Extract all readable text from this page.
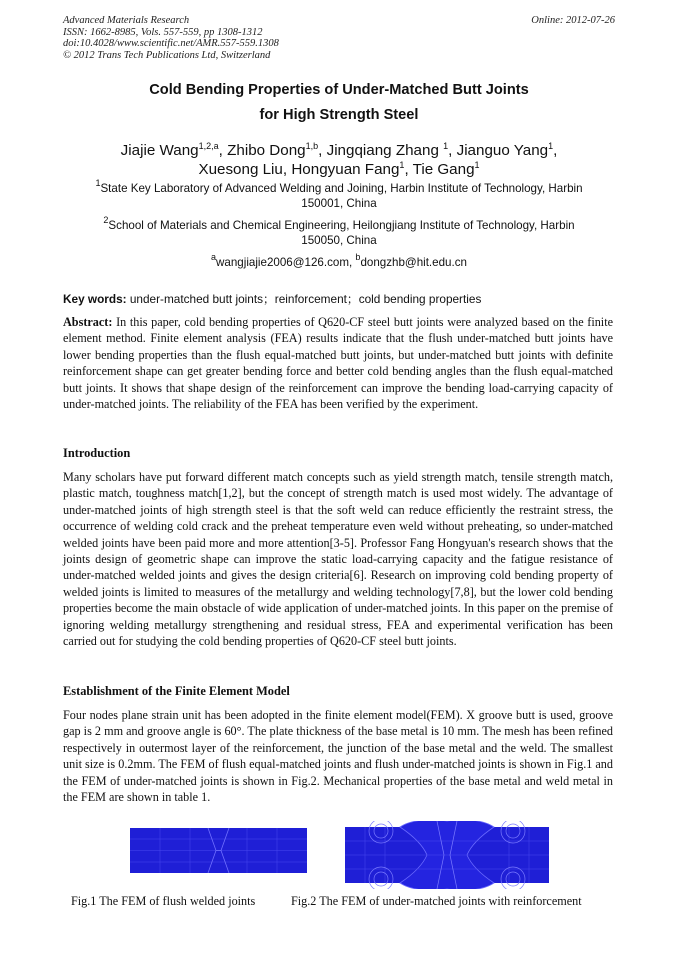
Advanced Materials Research
ISSN: 1662-8985, Vols. 557-559, pp 1308-1312
doi:10.4028/www.scientific.net/AMR.557-559.1308
© 2012 Trans Tech Publications Ltd, Switzerland
Online: 2012-07-26
Cold Bending Properties of Under-Matched Butt Joints
for High Strength Steel
Jiajie Wang$^{1,2,a}$, Zhibo Dong$^{1,b}$, Jingqiang Zhang $^1$, Jianguo Yang$^1$,
Xuesong Liu, Hongyuan Fang$^1$, Tie Gang$^1$
$^1$State Key Laboratory of Advanced Welding and Joining, Harbin Institute of Technology, Harbin
150001, China
$^2$School of Materials and Chemical Engineering, Heilongjiang Institute of Technology, Harbin
150050, China
$^a$wangjiajie2006@126.com, $^b$dongzhb@hit.edu.cn
Key words: under-matched butt joints；reinforcement；cold bending properties
Abstract: In this paper, cold bending properties of Q620-CF steel butt joints were analyzed based on the finite element method. Finite element analysis (FEA) results indicate that the flush under-matched butt joints have lower bending properties than the flush equal-matched butt joints, but under-matched butt joints with definite reinforcement shape can get greater bending force and better cold bending angles than the flush equal-matched butt joints. It shows that shape design of the reinforcement can improve the bending load-carrying capacity of under-matched joints. The reliability of the FEA has been verified by the experiment.
Introduction
Many scholars have put forward different match concepts such as yield strength match, tensile strength match, plastic match, toughness match[1,2], but the concept of strength match is used most widely. The advantage of under-matched joints of high strength steel is that the soft weld can reduce efficiently the restraint stress, the occurrence of welding cold crack and the preheat temperature even weld without preheating, so under-matched welded joints have been paid more and more attention[3-5]. Professor Fang Hongyuan's research shows that the joints design of geometric shape can improve the static load-carrying capacity and the fatigue resistance of under-matched welded joints and gives the design criteria[6]. Research on improving cold bending property of welded joints is limited to measures of the metallurgy and welding technology[7,8], but the lower cold bending properties become the main obstacle of wide application of under-matched joints. In this paper on the premise of ignoring welding metallurgy strengthening and residual stress, FEA and experimental verification has been carried out for studying the cold bending properties of Q620-CF steel butt joints.
Establishment of the Finite Element Model
Four nodes plane strain unit has been adopted in the finite element model(FEM). X groove butt is used, groove gap is 2 mm and groove angle is 60°. The plate thickness of the base metal is 10 mm. The mesh has been refined respectively in outermost layer of the reinforcement, the junction of the base metal and the weld. The smallest unit size is 0.2mm. The FEM of flush equal-matched joints and flush under-matched joints is shown in Fig.1 and the FEM of under-matched joints is shown in Fig.2. Mechanical properties of the base metal and weld metal in the FEM are shown in table 1.
Fig.1 The FEM of flush welded joints	Fig.2 The FEM of under-matched joints with reinforcement
